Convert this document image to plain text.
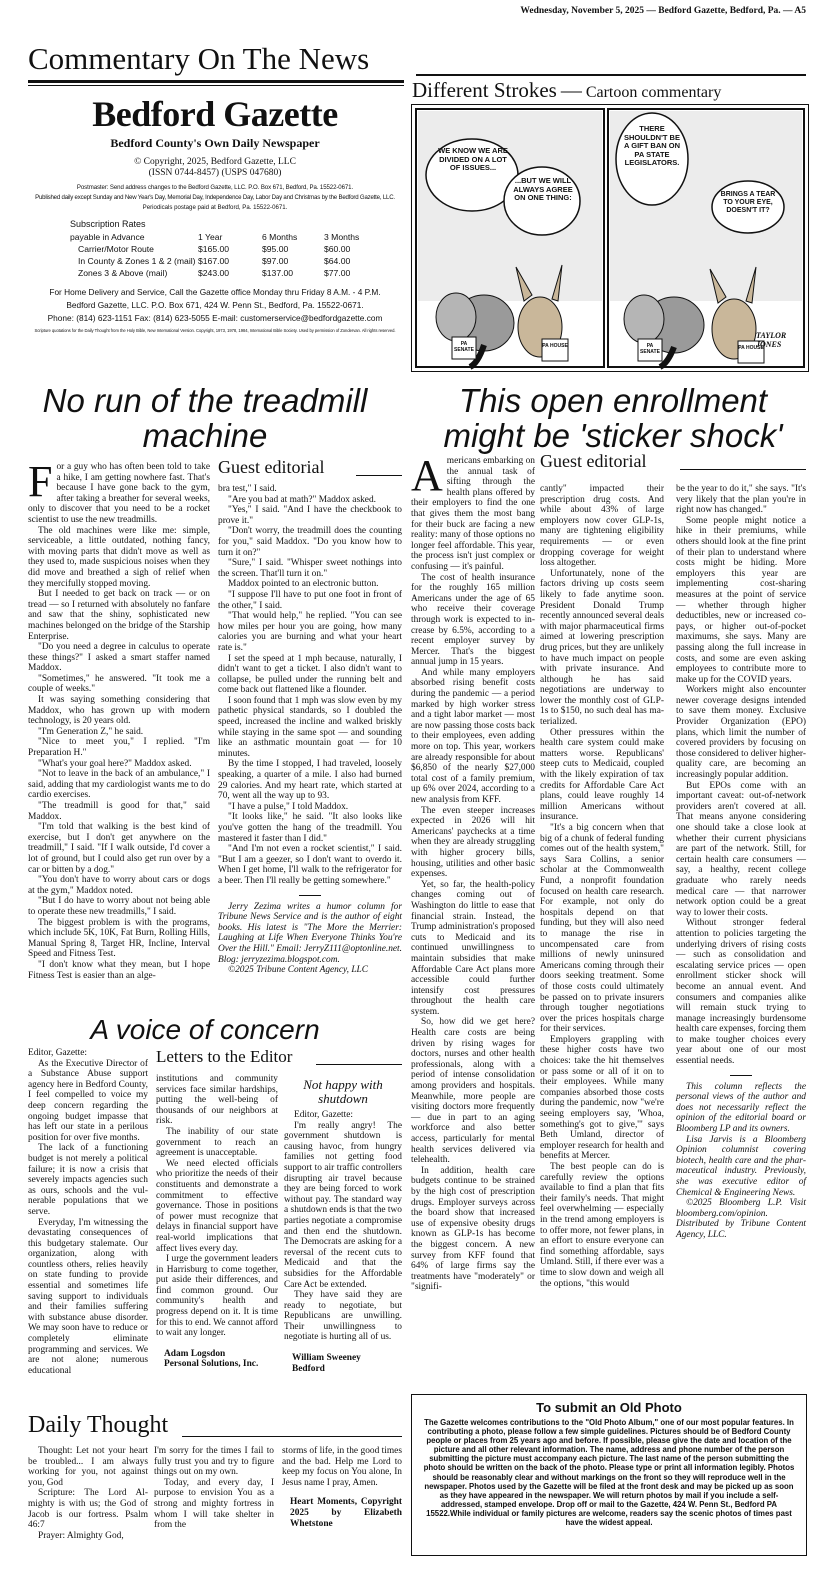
Wednesday, November 5, 2025 — Bedford Gazette, Bedford, Pa. — A5
Commentary On The News
Bedford Gazette
Bedford County's Own Daily Newspaper
© Copyright, 2025, Bedford Gazette, LLC
(ISSN 0744-8457) (USPS 047680)
Postmaster: Send address changes to the Bedford Gazette, LLC. P.O. Box 671, Bedford, Pa. 15522-0671.
Published daily except Sunday and New Year's Day, Memorial Day, Independence Day, Labor Day and Christmas by the Bedford Gazette, LLC.
Periodicals postage paid at Bedford, Pa. 15522-0671.
Subscription Rates
payable in Advance	1 Year	6 Months	3 Months
Carrier/Motor Route	$165.00	$95.00	$60.00
In County & Zones 1 & 2 (mail)	$167.00	$97.00	$64.00
Zones 3 & Above (mail)	$243.00	$137.00	$77.00
For Home Delivery and Service, Call the Gazette office Monday thru Friday 8 A.M. - 4 P.M.
Bedford Gazette, LLC. P.O. Box 671, 424 W. Penn St., Bedford, Pa. 15522-0671.
Phone: (814) 623-1151 Fax: (814) 623-5055 E-mail: customerservice@bedfordgazette.com
Scripture quotations for the Daily Thought from the Holy Bible, New International Version. Copyright, 1973, 1978, 1984, International Bible Society. Used by permission of Zondervan. All rights reserved.
Different Strokes — Cartoon commentary
WE KNOW WE ARE DIVIDED ON A LOT OF ISSUES...
...BUT WE WILL ALWAYS AGREE ON ONE THING:
THERE SHOULDN'T BE A GIFT BAN ON PA STATE LEGISLATORS.
BRINGS A TEAR TO YOUR EYE, DOESN'T IT?
PA SENATE
PA HOUSE	PA SENATE
PA HOUSE
TAYLOR JONES
No run of the treadmill machine
F or a guy who has often been told to take a hike, I am getting nowhere fast. That's because I have gone back to the gym, after taking a breather for several weeks, only to discover that you need to be a rocket scientist to use the new treadmills.

The old machines were like me: simple, serviceable, a little outdated, nothing fancy, with moving parts that didn't move as well as they used to, made suspicious noises when they did move and breathed a sigh of relief when they mercifully stopped moving.

But I needed to get back on track — or on tread — so I returned with absolutely no fanfare and saw that the shiny, sophisticated new machines belonged on the bridge of the Starship Enterprise.

"Do you need a degree in calculus to operate these things?" I asked a smart staffer named Maddox.

"Sometimes," he answered. "It took me a couple of weeks."

It was saying something considering that Maddox, who has grown up with modern technology, is 20 years old.

"I'm Generation Z," he said.

"Nice to meet you," I replied. "I'm Preparation H."

"What's your goal here?" Maddox asked.

"Not to leave in the back of an ambulance," I said, adding that my cardiologist wants me to do cardio exercises.

"The treadmill is good for that," said Maddox.

"I'm told that walking is the best kind of exercise, but I don't get anywhere on the treadmill," I said. "If I walk outside, I'd cover a lot of ground, but I could also get run over by a car or bitten by a dog."

"You don't have to worry about cars or dogs at the gym," Maddox noted.

"But I do have to worry about not being able to operate these new treadmills," I said.

The biggest problem is with the programs, which include 5K, 10K, Fat Burn, Rolling Hills, Manual Spring 8, Target HR, Incline, Interval Speed and Fitness Test.

"I don't know what they mean, but I hope Fitness Test is easier than an alge-

Guest editorial

bra test," I said.

"Are you bad at math?" Maddox asked.

"Yes," I said. "And I have the checkbook to prove it."

"Don't worry, the treadmill does the counting for you," said Maddox. "Do you know how to turn it on?"

"Sure," I said. "Whisper sweet nothings into the screen. That'll turn it on."

Maddox pointed to an electronic button.

"I suppose I'll have to put one foot in front of the other," I said.

"That would help," he replied. "You can see how miles per hour you are going, how many calories you are burning and what your heart rate is."

I set the speed at 1 mph because, naturally, I didn't want to get a ticket. I also didn't want to collapse, be pulled under the running belt and come back out flattened like a flounder.

I soon found that 1 mph was slow even by my pathetic physical standards, so I doubled the speed, increased the incline and walked briskly while staying in the same spot — and sounding like an asthmatic mountain goat — for 10 minutes.

By the time I stopped, I had traveled, loosely speaking, a quarter of a mile. I also had burned 29 calories. And my heart rate, which started at 70, went all the way up to 93.

"I have a pulse," I told Maddox.

"It looks like," he said. "It also looks like you've gotten the hang of the treadmill. You mastered it faster than I did."

"And I'm not even a rocket scientist," I said. "But I am a geezer, so I don't want to overdo it. When I get home, I'll walk to the refrigerator for a beer. Then I'll really be getting somewhere."

Jerry Zezima writes a humor column for Tribune News Service and is the author of eight books. His latest is "The More the Merrier: Laughing at Life When Everyone Thinks You're Over the Hill." Email: JerryZ111@optonline.net. Blog: jerryzezima.blogspot.com.

©2025 Tribune Content Agency, LLC

This open enrollment might be 'sticker shock'
A mericans embarking on the annual task of sifting through the health plans offered by their employers to find the one that gives them the most bang for their buck are facing a new reality: many of those options no longer feel affordable. This year, the process isn't just complex or confusing — it's painful.

The cost of health insurance for the roughly 165 million Americans under the age of 65 who receive their coverage through work is expected to increase by 6.5%, according to a recent employer survey by Mercer. That's the biggest annual jump in 15 years.

And while many employers absorbed rising benefit costs during the pandemic — a period marked by high worker stress and a tight labor market — most are now passing those costs back to their employees, even adding more on top. This year, workers are already responsible for about $6,850 of the nearly $27,000 total cost of a family premium, up 6% over 2024, according to a new analysis from KFF.

The even steeper increases expected in 2026 will hit Americans' paychecks at a time when they are already struggling with higher grocery bills, housing, utilities and other basic expenses.

Yet, so far, the health-policy changes coming out of Washington do little to ease that financial strain. Instead, the Trump administration's proposed cuts to Medicaid and its continued unwillingness to maintain subsidies that make Affordable Care Act plans more accessible could further intensify cost pressures throughout the health care system.

So, how did we get here? Health care costs are being driven by rising wages for doctors, nurses and other health professionals, along with a period of intense consolidation among providers and hospitals. Meanwhile, more people are visiting doctors more frequently — due in part to an aging workforce and also better access, particularly for mental health services delivered via telehealth.

In addition, health care budgets continue to be strained by the high cost of prescription drugs. Employer surveys across the board show that increased use of expensive obesity drugs known as GLP-1s has become the biggest concern. A new survey from KFF found that 64% of large firms say the treatments have "moderately" or "signifi-

Guest editorial

cantly" impacted their prescription drug costs. And while about 43% of large employers now cover GLP-1s, many are tightening eligibility requirements — or even dropping coverage for weight loss altogether.

Unfortunately, none of the factors driving up costs seem likely to fade anytime soon. President Donald Trump recently announced several deals with major pharmaceutical firms aimed at lowering prescription drug prices, but they are unlikely to have much impact on people with private insurance. And although he has said negotiations are underway to lower the monthly cost of GLP-1s to $150, no such deal has materialized.

Other pressures within the health care system could make matters worse. Republicans' steep cuts to Medicaid, coupled with the likely expiration of tax credits for Affordable Care Act plans, could leave roughly 14 million Americans without insurance.

"It's a big concern when that big of a chunk of federal funding comes out of the health system," says Sara Collins, a senior scholar at the Commonwealth Fund, a nonprofit foundation focused on health care research. For example, not only do hospitals depend on that funding, but they will also need to manage the rise in uncompensated care from millions of newly uninsured Americans coming through their doors seeking treatment. Some of those costs could ultimately be passed on to private insurers through tougher negotiations over the prices hospitals charge for their services.

Employers grappling with these higher costs have two choices: take the hit themselves or pass some or all of it on to their employees. While many companies absorbed those costs during the pandemic, now "we're seeing employers say, 'Whoa, something's got to give,'" says Beth Umland, director of employer research for health and benefits at Mercer.

The best people can do is carefully review the options available to find a plan that fits their family's needs. That might feel overwhelming — especially in the trend among employers is to offer more, not fewer plans, in an effort to ensure everyone can find something affordable, says Umland. Still, if there ever was a time to slow down and weigh all the options, "this would

be the year to do it," she says. "It's very likely that the plan you're in right now has changed."

Some people might notice a hike in their premiums, while others should look at the fine print of their plan to understand where costs might be hiding. More employers this year are implementing cost-sharing measures at the point of service — whether through higher deductibles, new or increased co-pays, or higher out-of-pocket maximums, she says. Many are passing along the full increase in costs, and some are even asking employees to contribute more to make up for the COVID years.

Workers might also encounter newer coverage designs intended to save them money. Exclusive Provider Organization (EPO) plans, which limit the number of covered providers by focusing on those considered to deliver higher-quality care, are becoming an increasingly popular addition.

But EPOs come with an important caveat: out-of-network providers aren't covered at all. That means anyone considering one should take a close look at whether their current physicians are part of the network. Still, for certain health care consumers — say, a healthy, recent college graduate who rarely needs medical care — that narrower network option could be a great way to lower their costs.

Without stronger federal attention to policies targeting the underlying drivers of rising costs — such as consolidation and escalating service prices — open enrollment sticker shock will become an annual event. And consumers and companies alike will remain stuck trying to manage increasingly burdensome health care expenses, forcing them to make tougher choices every year about one of our most essential needs.

This column reflects the personal views of the author and does not necessarily reflect the opinion of the editorial board or Bloomberg LP and its owners.

Lisa Jarvis is a Bloomberg Opinion columnist covering biotech, health care and the pharmaceutical industry. Previously, she was executive editor of Chemical & Engineering News.

©2025 Bloomberg L.P. Visit bloomberg.com/opinion. Distributed by Tribune Content Agency, LLC.

A voice of concern
Letters to the Editor

Editor, Gazette:

As the Executive Director of a Substance Abuse support agency here in Bedford County, I feel compelled to voice my deep concern regarding the ongoing budget impasse that has left our state in a perilous position for over five months.

The lack of a functioning budget is not merely a political failure; it is now a crisis that severely impacts agencies such as ours, schools and the vulnerable populations that we serve.

Everyday, I'm witnessing the devastating consequences of this budgetary stalemate. Our organization, along with countless others, relies heavily on state funding to provide essential and sometimes life saving support to individuals and their families suffering with substance abuse disorder. We may soon have to reduce or completely eliminate programming and services. We are not alone; numerous educational

institutions and community services face similar hardships, putting the well-being of thousands of our neighbors at risk.

The inability of our state government to reach an agreement is unacceptable.

We need elected officials who prioritize the needs of their constituents and demonstrate a commitment to effective governance. Those in positions of power must recognize that delays in financial support have real-world implications that affect lives every day.

I urge the government leaders in Harrisburg to come together, put aside their differences, and find common ground. Our community's health and progress depend on it. It is time for this to end. We cannot afford to wait any longer.

Adam Logsdon

Personal Solutions, Inc.

Not happy with shutdown

Editor, Gazette:

I'm really angry! The government shutdown is causing havoc, from hungry families not getting food support to air traffic controllers disrupting air travel because they are being forced to work without pay. The standard way a shutdown ends is that the two parties negotiate a compromise and then end the shutdown. The Democrats are asking for a reversal of the recent cuts to Medicaid and that the subsidies for the Affordable Care Act be extended.

They have said they are ready to negotiate, but Republicans are unwilling. Their unwillingness to negotiate is hurting all of us.

William Sweeney

Bedford

To submit an Old Photo
The Gazette welcomes contributions to the "Old Photo Album," one of our most popular features. In contributing a photo, please follow a few simple guidelines. Pictures should be of Bedford County people or places from 25 years ago and before. If possible, please give the date and location of the picture and all other relevant information. The name, address and phone number of the person submitting the picture must accompany each picture. The last name of the person submitting the photo should be written on the back of the photo. Please type or print all information legibly. Photos should be reasonably clear and without markings on the front so they will reproduce well in the newspaper. Photos used by the Gazette will be filed at the front desk and may be picked up as soon as they have appeared in the newspaper. We will return photos by mail if you include a self-addressed, stamped envelope. Drop off or mail to the Gazette, 424 W. Penn St., Bedford PA 15522.While individual or family pictures are welcome, readers say the scenic photos of times past have the widest appeal.
Daily Thought

Thought: Let not your heart be troubled... I am always working for you, not against you, God

Scripture: The Lord Almighty is with us; the God of Jacob is our fortress. Psalm 46:7

Prayer: Almighty God,

I'm sorry for the times I fail to fully trust you and try to figure things out on my own.

Today, and every day, I purpose to envision You as a strong and mighty fortress in whom I will take shelter in from the

storms of life, in the good times and the bad. Help me Lord to keep my focus on You alone, In Jesus name I pray, Amen.

Heart Moments, Copyright 2025 by Elizabeth Whetstone
